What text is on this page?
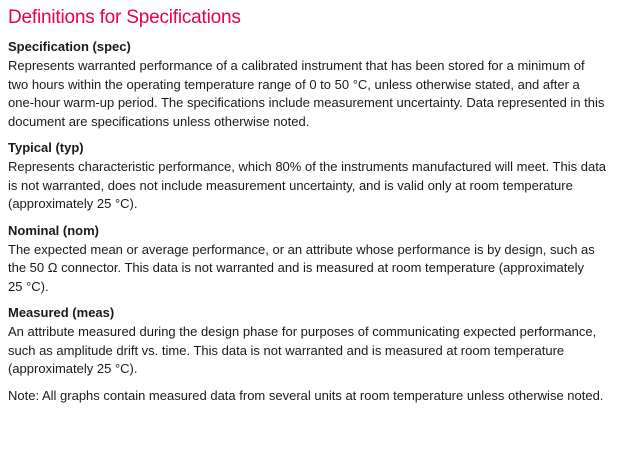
Definitions for Specifications

Specification (spec)

Represents warranted performance of a calibrated instrument that has been stored for a minimum of
two hours within the operating temperature range of 0 to 50 °C, unless otherwise stated, and after a
one-hour warm-up period. The specifications include measurement uncertainty. Data represented in this
document are specifications unless otherwise noted.

Typical (typ)

Represents characteristic performance, which 80% of the instruments manufactured will meet. This data
is not warranted, does not include measurement uncertainty, and is valid only at room temperature
(approximately 25 °C).

Nominal (nom)

The expected mean or average performance, or an attribute whose performance is by design, such as
the 50 Ω connector. This data is not warranted and is measured at room temperature (approximately
25 °C).

Measured (meas)

An attribute measured during the design phase for purposes of communicating expected performance,
such as amplitude drift vs. time. This data is not warranted and is measured at room temperature
(approximately 25 °C).

Note: All graphs contain measured data from several units at room temperature unless otherwise noted.
